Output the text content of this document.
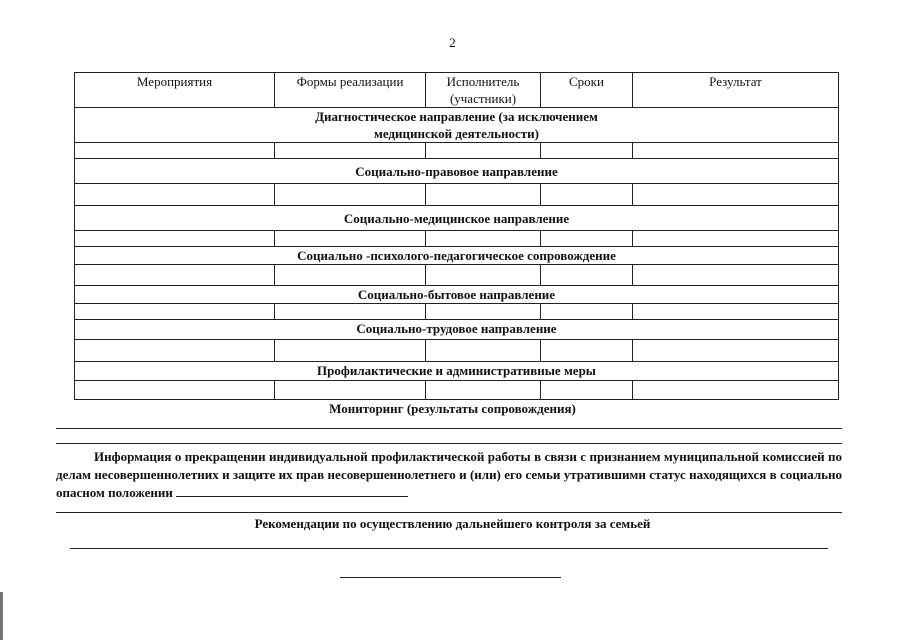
2
Мероприятия	Формы реализации	Исполнитель (участники)	Сроки	Результат
Диагностическое направление (за исключением медицинской деятельности)				

Социально-правовое направление				

Социально-медицинское направление				

Социально -психолого-педагогическое сопровождение				

Социально-бытовое направление				

Социально-трудовое направление				

Профилактические и административные меры				

Мониторинг (результаты сопровождения)
Информация о прекращении индивидуальной профилактической работы в связи с признанием муниципальной комиссией по делам несовершеннолетних и защите их прав несовершеннолетнего и (или) его семьи утратившими статус находящихся в социально опасном положении
Рекомендации по осуществлению дальнейшего контроля за семьей
